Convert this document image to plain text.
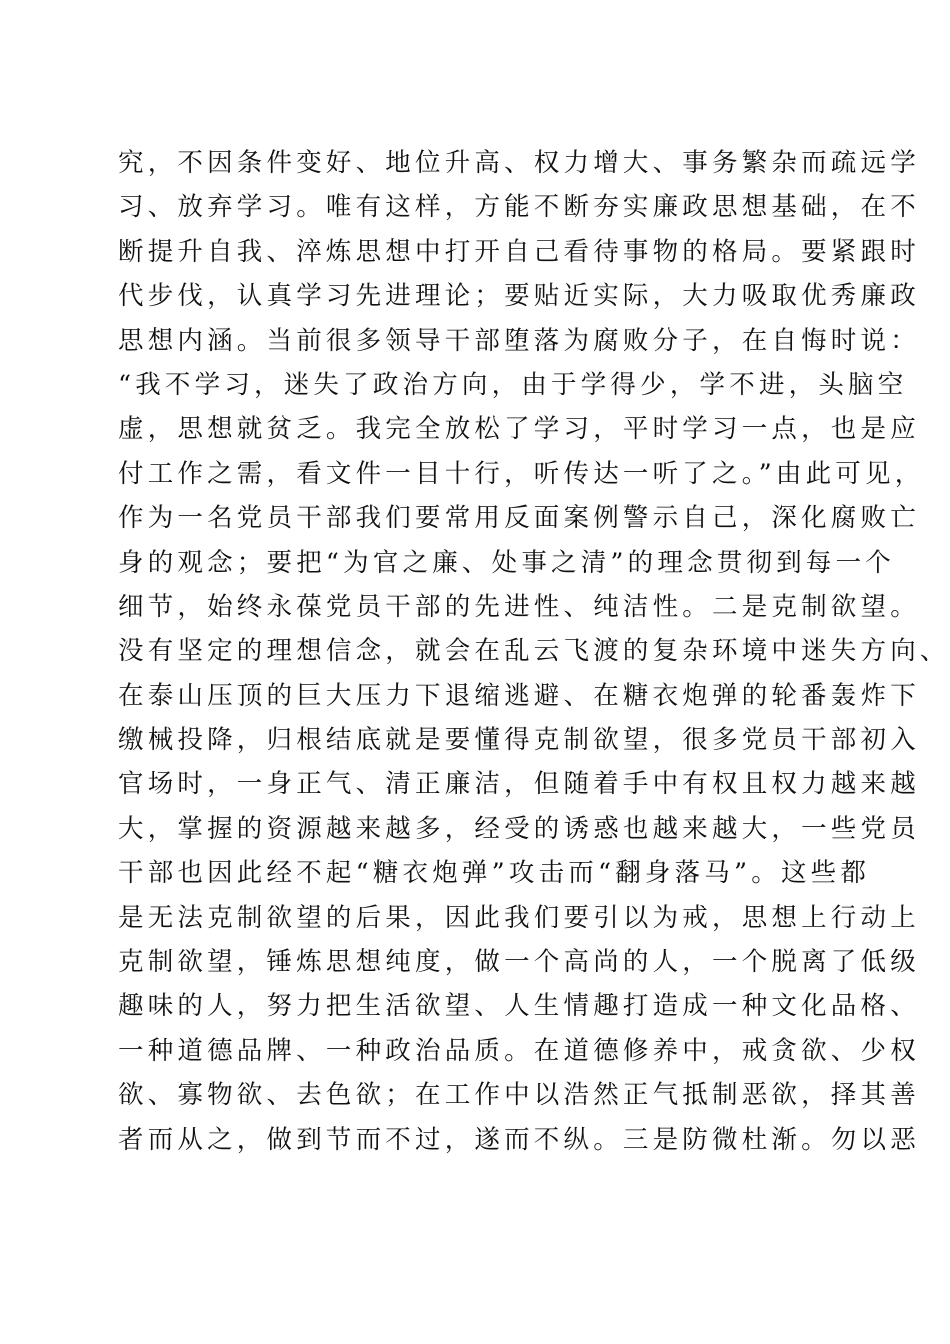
究，不因条件变好、地位升高、权力增大、事务繁杂而疏远学
习、放弃学习。唯有这样，方能不断夯实廉政思想基础，在不
断提升自我、淬炼思想中打开自己看待事物的格局。要紧跟时
代步伐，认真学习先进理论；要贴近实际，大力吸取优秀廉政
思想内涵。当前很多领导干部堕落为腐败分子，在自悔时说：
“我不学习，迷失了政治方向，由于学得少，学不进，头脑空
虚，思想就贫乏。我完全放松了学习，平时学习一点，也是应
付工作之需，看文件一目十行，听传达一听了之。”由此可见，
作为一名党员干部我们要常用反面案例警示自己，深化腐败亡
身的观念；要把“为官之廉、处事之清”的理念贯彻到每一个
细节，始终永葆党员干部的先进性、纯洁性。二是克制欲望。
没有坚定的理想信念，就会在乱云飞渡的复杂环境中迷失方向、
在泰山压顶的巨大压力下退缩逃避、在糖衣炮弹的轮番轰炸下
缴械投降，归根结底就是要懂得克制欲望，很多党员干部初入
官场时，一身正气、清正廉洁，但随着手中有权且权力越来越
大，掌握的资源越来越多，经受的诱惑也越来越大，一些党员
干部也因此经不起“糖衣炮弹”攻击而“翻身落马”。这些都
是无法克制欲望的后果，因此我们要引以为戒，思想上行动上
克制欲望，锤炼思想纯度，做一个高尚的人，一个脱离了低级
趣味的人，努力把生活欲望、人生情趣打造成一种文化品格、
一种道德品牌、一种政治品质。在道德修养中，戒贪欲、少权
欲、寡物欲、去色欲；在工作中以浩然正气抵制恶欲，择其善
者而从之，做到节而不过，遂而不纵。三是防微杜渐。勿以恶
